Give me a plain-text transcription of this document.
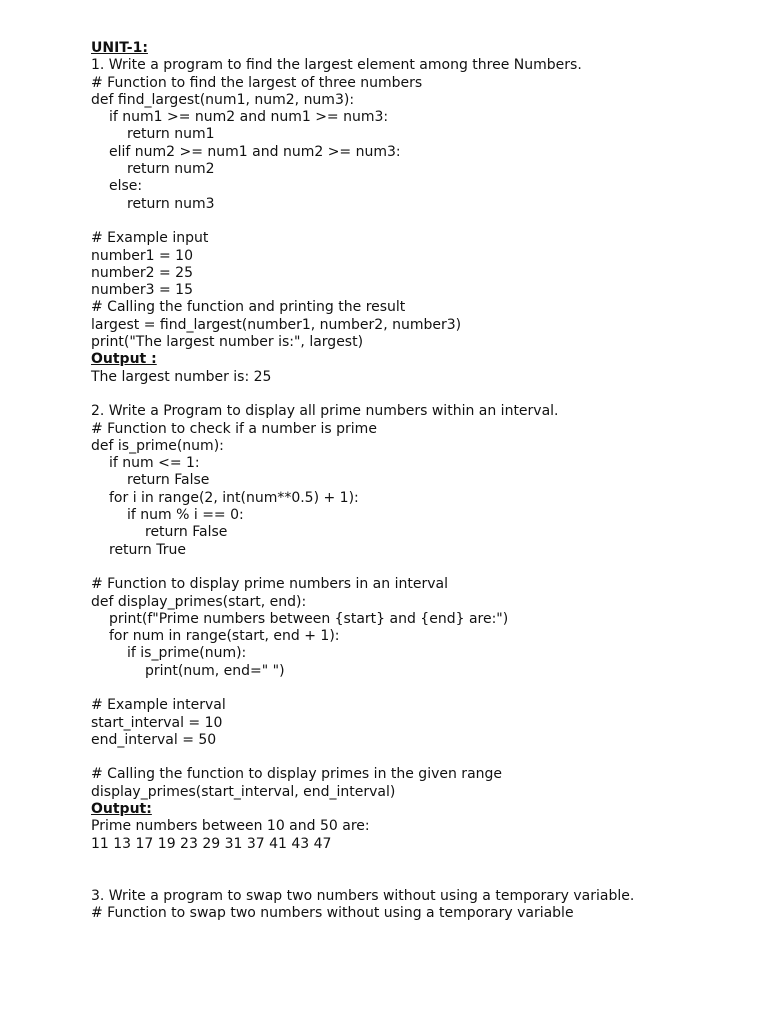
UNIT-1:
1. Write a program to find the largest element among three Numbers.
# Function to find the largest of three numbers
def find_largest(num1, num2, num3):
if num1 >= num2 and num1 >= num3:
return num1
elif num2 >= num1 and num2 >= num3:
return num2
else:
return num3
# Example input
number1 = 10
number2 = 25
number3 = 15
# Calling the function and printing the result
largest = find_largest(number1, number2, number3)
print("The largest number is:", largest)
Output :
The largest number is: 25
2. Write a Program to display all prime numbers within an interval.
# Function to check if a number is prime
def is_prime(num):
if num <= 1:
return False
for i in range(2, int(num**0.5) + 1):
if num % i == 0:
return False
return True
# Function to display prime numbers in an interval
def display_primes(start, end):
print(f"Prime numbers between {start} and {end} are:")
for num in range(start, end + 1):
if is_prime(num):
print(num, end=" ")
# Example interval
start_interval = 10
end_interval = 50
# Calling the function to display primes in the given range
display_primes(start_interval, end_interval)
Output:
Prime numbers between 10 and 50 are:
11 13 17 19 23 29 31 37 41 43 47
3. Write a program to swap two numbers without using a temporary variable.
# Function to swap two numbers without using a temporary variable
